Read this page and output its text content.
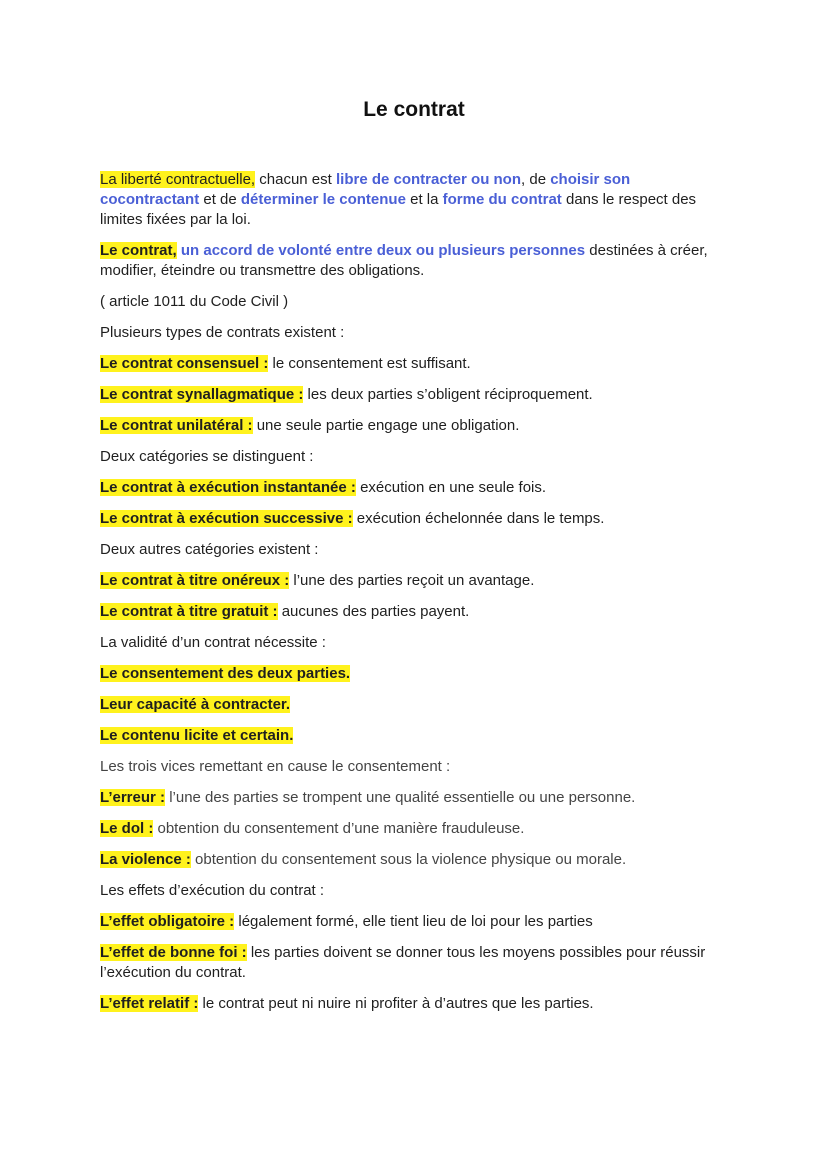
Le contrat

La liberté contractuelle, chacun est libre de contracter ou non, de choisir son cocontractant et de déterminer le contenue et la forme du contrat dans le respect des limites fixées par la loi.

Le contrat, un accord de volonté entre deux ou plusieurs personnes destinées à créer, modifier, éteindre ou transmettre des obligations.

( article 1011 du Code Civil )

Plusieurs types de contrats existent :

Le contrat consensuel : le consentement est suffisant.

Le contrat synallagmatique : les deux parties s’obligent réciproquement.

Le contrat unilatéral : une seule partie engage une obligation.

Deux catégories se distinguent :

Le contrat à exécution instantanée : exécution en une seule fois.

Le contrat à exécution successive : exécution échelonnée dans le temps.

Deux autres catégories existent :

Le contrat à titre onéreux : l’une des parties reçoit un avantage.

Le contrat à titre gratuit : aucunes des parties payent.

La validité d’un contrat nécessite :

Le consentement des deux parties.

Leur capacité à contracter.

Le contenu licite et certain.

Les trois vices remettant en cause le consentement :

L’erreur : l’une des parties se trompent une qualité essentielle ou une personne.

Le dol : obtention du consentement d’une manière frauduleuse.

La violence : obtention du consentement sous la violence physique ou morale.

Les effets d’exécution du contrat :

L’effet obligatoire : légalement formé, elle tient lieu de loi pour les parties

L’effet de bonne foi : les parties doivent se donner tous les moyens possibles pour réussir l’exécution du contrat.

L’effet relatif : le contrat peut ni nuire ni profiter à d’autres que les parties.
